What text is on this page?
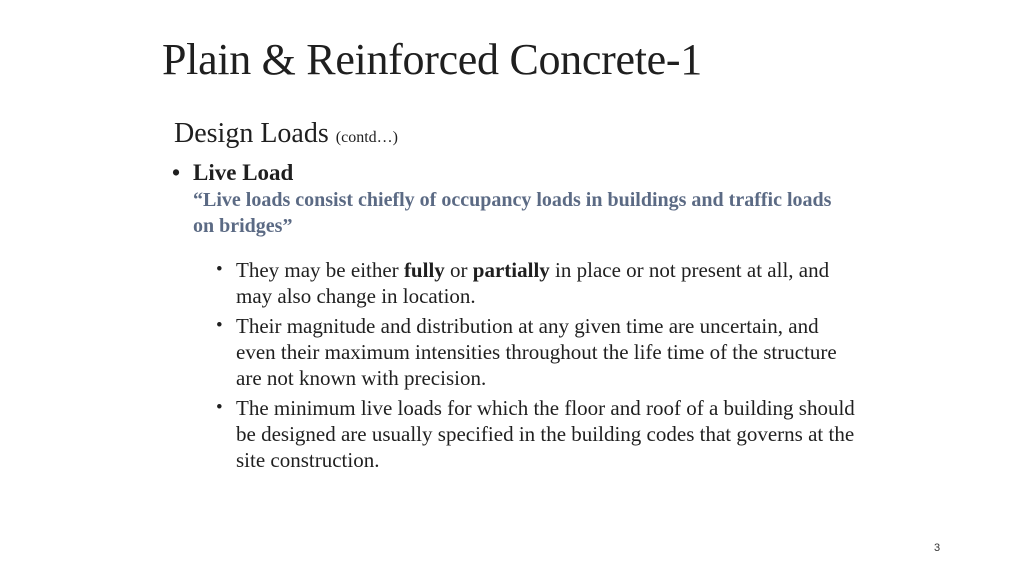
Plain & Reinforced Concrete-1
Design Loads (contd…)
• Live Load
“Live loads consist chiefly of occupancy loads in buildings and traffic loads on bridges”
• They may be either fully or partially in place or not present at all, and may also change in location.
• Their magnitude and distribution at any given time are uncertain, and even their maximum intensities throughout the life time of the structure are not known with precision.
• The minimum live loads for which the floor and roof of a building should be designed are usually specified in the building codes that governs at the site construction.
3
